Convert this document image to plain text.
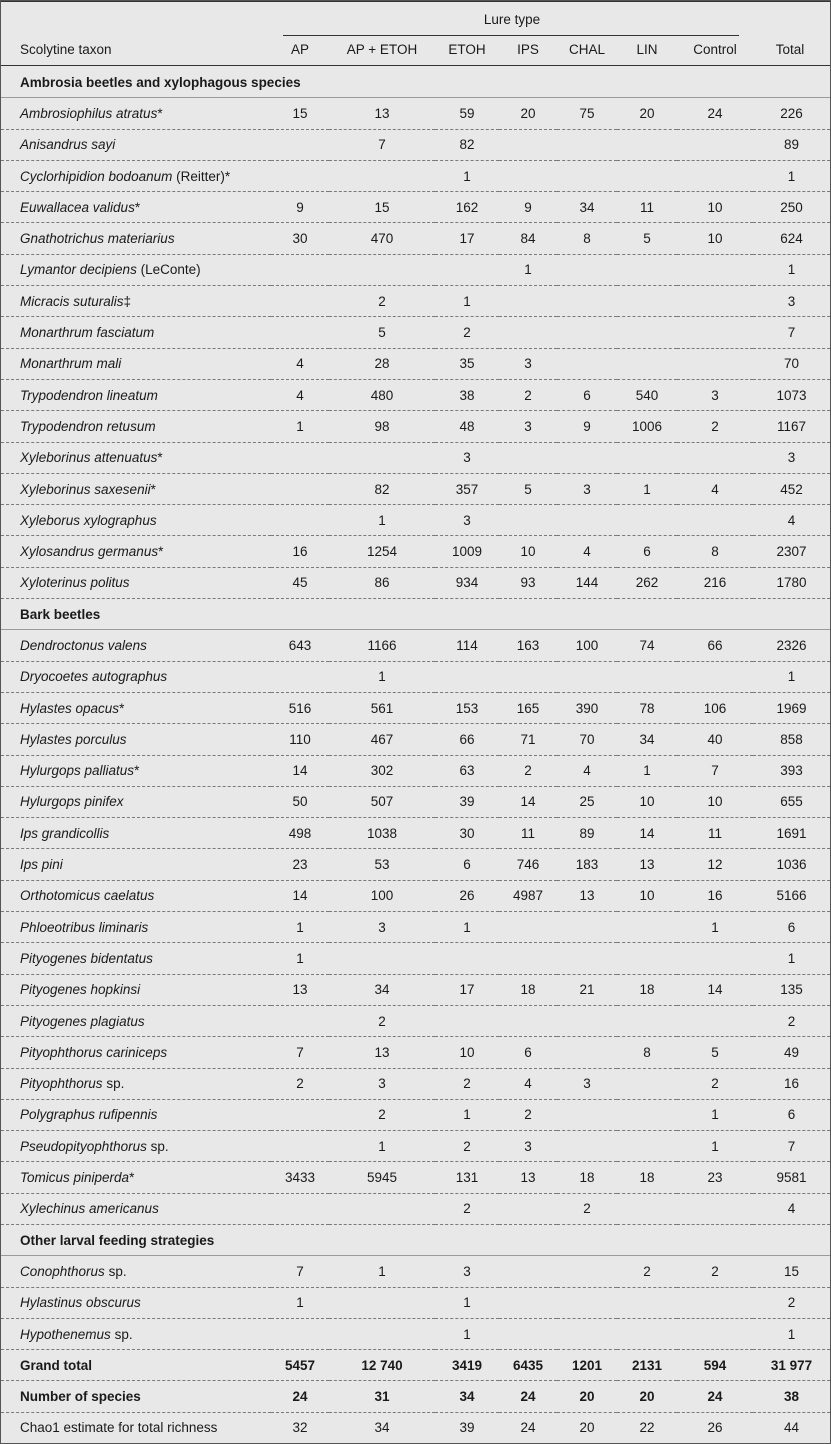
Lure type
Scolytine taxon	AP	AP + ETOH	ETOH	IPS	CHAL	LIN	Control	Total
Ambrosia beetles and xylophagous species								
Ambrosiophilus atratus*	15	13	59	20	75	20	24	226
Anisandrus sayi		7	82					89
Cyclorhipidion bodoanum (Reitter)*			1					1
Euwallacea validus*	9	15	162	9	34	11	10	250
Gnathotrichus materiarius	30	470	17	84	8	5	10	624
Lymantor decipiens (LeConte)				1				1
Micracis suturalis‡		2	1					3
Monarthrum fasciatum		5	2					7
Monarthrum mali	4	28	35	3				70
Trypodendron lineatum	4	480	38	2	6	540	3	1073
Trypodendron retusum	1	98	48	3	9	1006	2	1167
Xyleborinus attenuatus*			3					3
Xyleborinus saxesenii*		82	357	5	3	1	4	452
Xyleborus xylographus		1	3					4
Xylosandrus germanus*	16	1254	1009	10	4	6	8	2307
Xyloterinus politus	45	86	934	93	144	262	216	1780
Bark beetles								
Dendroctonus valens	643	1166	114	163	100	74	66	2326
Dryocoetes autographus		1						1
Hylastes opacus*	516	561	153	165	390	78	106	1969
Hylastes porculus	110	467	66	71	70	34	40	858
Hylurgops palliatus*	14	302	63	2	4	1	7	393
Hylurgops pinifex	50	507	39	14	25	10	10	655
Ips grandicollis	498	1038	30	11	89	14	11	1691
Ips pini	23	53	6	746	183	13	12	1036
Orthotomicus caelatus	14	100	26	4987	13	10	16	5166
Phloeotribus liminaris	1	3	1				1	6
Pityogenes bidentatus	1							1
Pityogenes hopkinsi	13	34	17	18	21	18	14	135
Pityogenes plagiatus		2						2
Pityophthorus cariniceps	7	13	10	6		8	5	49
Pityophthorus sp.	2	3	2	4	3		2	16
Polygraphus rufipennis		2	1	2			1	6
Pseudopityophthorus sp.		1	2	3			1	7
Tomicus piniperda*	3433	5945	131	13	18	18	23	9581
Xylechinus americanus			2		2			4
Other larval feeding strategies								
Conophthorus sp.	7	1	3			2	2	15
Hylastinus obscurus	1		1					2
Hypothenemus sp.			1					1
Grand total	5457	12 740	3419	6435	1201	2131	594	31 977
Number of species	24	31	34	24	20	20	24	38
Chao1 estimate for total richness	32	34	39	24	20	22	26	44
